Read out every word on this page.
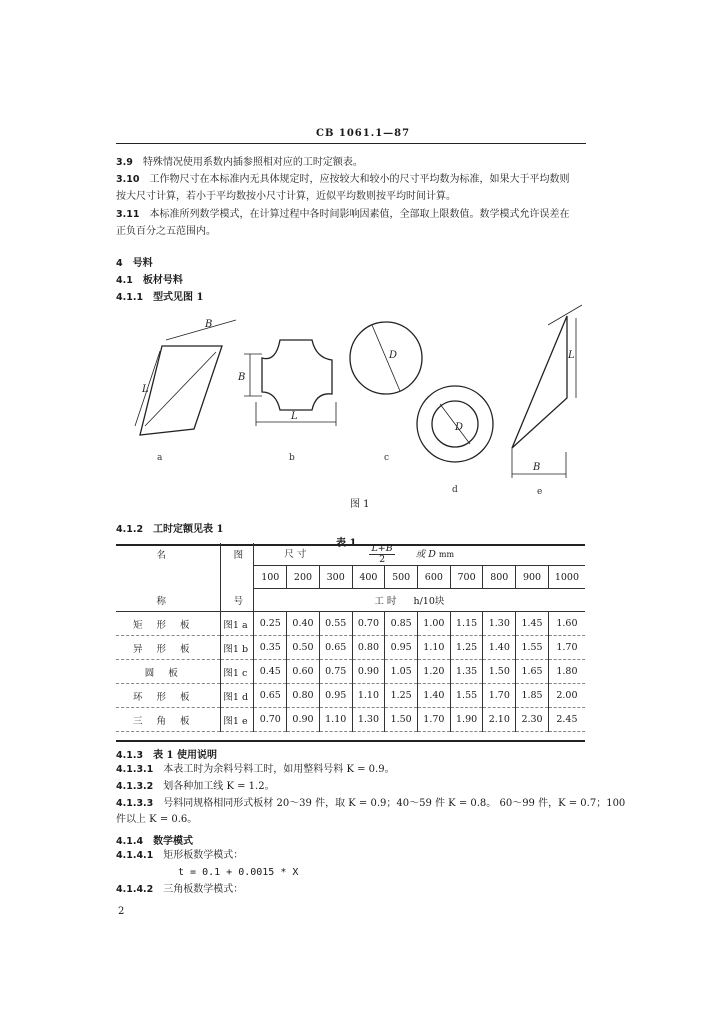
CB 1061.1—87
3.9 特殊情况使用系数内插参照相对应的工时定额表。
3.10 工作物尺寸在本标准内无具体规定时，应按较大和较小的尺寸平均数为标准，如果大于平均数则
按大尺寸计算，若小于平均数按小尺寸计算，近似平均数则按平均时间计算。
3.11 本标准所列数学模式，在计算过程中各时间影响因素值，全部取上限数值。数学模式允许误差在
正负百分之五范围内。
4 号料
4.1 板材号料
4.1.1 型式见图 1
B
L
L
B
D
D
L
B
a	b	c
d	e
图 1
4.1.2 工时定额见表 1
名	图	尺 寸 $\frac{L+B}{2}$ 或 D mm									
		100	200	300	400	500	600	700	800	900	1000
称	号	工 时 h/10块									
矩形板	图1 a	0.25	0.40	0.55	0.70	0.85	1.00	1.15	1.30	1.45	1.60
异形板	图1 b	0.35	0.50	0.65	0.80	0.95	1.10	1.25	1.40	1.55	1.70
圆板	图1 c	0.45	0.60	0.75	0.90	1.05	1.20	1.35	1.50	1.65	1.80
环形板	图1 d	0.65	0.80	0.95	1.10	1.25	1.40	1.55	1.70	1.85	2.00
三角板	图1 e	0.70	0.90	1.10	1.30	1.50	1.70	1.90	2.10	2.30	2.45
4.1.3 表 1 使用说明
4.1.3.1 本表工时为余料号料工时，如用整料号料 K = 0.9。
4.1.3.2 划各种加工线 K = 1.2。
4.1.3.3 号料同规格相同形式板材 20～39 件，取 K = 0.9；40～59 件 K = 0.8。 60～99 件，K = 0.7；100
件以上 K = 0.6。
4.1.4 数学模式
4.1.4.1 矩形板数学模式：
t = 0.1 + 0.0015 * X
4.1.4.2 三角板数学模式：
2
